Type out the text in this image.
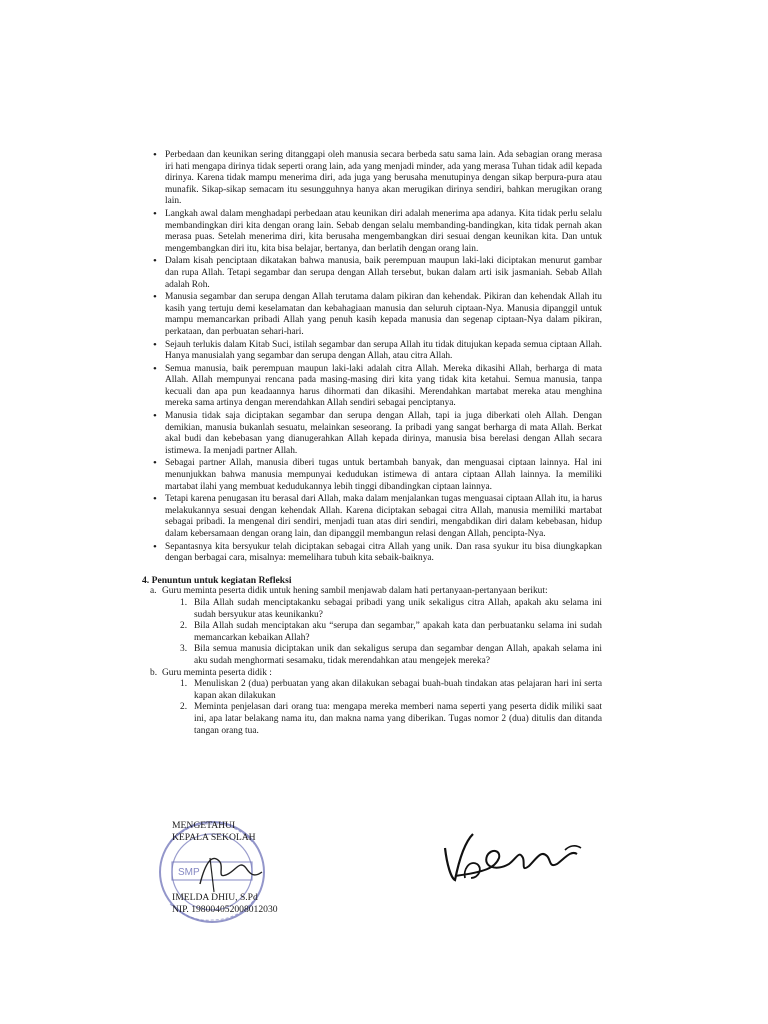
• Perbedaan dan keunikan sering ditanggapi oleh manusia secara berbeda satu sama lain. Ada sebagian orang merasa iri hati mengapa dirinya tidak seperti orang lain, ada yang menjadi minder, ada yang merasa Tuhan tidak adil kepada dirinya. Karena tidak mampu menerima diri, ada juga yang berusaha menutupinya dengan sikap berpura-pura atau munafik. Sikap-sikap semacam itu sesungguhnya hanya akan merugikan dirinya sendiri, bahkan merugikan orang lain.
• Langkah awal dalam menghadapi perbedaan atau keunikan diri adalah menerima apa adanya. Kita tidak perlu selalu membandingkan diri kita dengan orang lain. Sebab dengan selalu membanding-bandingkan, kita tidak pernah akan merasa puas. Setelah menerima diri, kita berusaha mengembangkan diri sesuai dengan keunikan kita. Dan untuk mengembangkan diri itu, kita bisa belajar, bertanya, dan berlatih dengan orang lain.
• Dalam kisah penciptaan dikatakan bahwa manusia, baik perempuan maupun laki-laki diciptakan menurut gambar dan rupa Allah. Tetapi segambar dan serupa dengan Allah tersebut, bukan dalam arti isik jasmaniah. Sebab Allah adalah Roh.
• Manusia segambar dan serupa dengan Allah terutama dalam pikiran dan kehendak. Pikiran dan kehendak Allah itu kasih yang tertuju demi keselamatan dan kebahagiaan manusia dan seluruh ciptaan-Nya. Manusia dipanggil untuk mampu memancarkan pribadi Allah yang penuh kasih kepada manusia dan segenap ciptaan-Nya dalam pikiran, perkataan, dan perbuatan sehari-hari.
• Sejauh terlukis dalam Kitab Suci, istilah segambar dan serupa Allah itu tidak ditujukan kepada semua ciptaan Allah. Hanya manusialah yang segambar dan serupa dengan Allah, atau citra Allah.
• Semua manusia, baik perempuan maupun laki-laki adalah citra Allah. Mereka dikasihi Allah, berharga di mata Allah. Allah mempunyai rencana pada masing-masing diri kita yang tidak kita ketahui. Semua manusia, tanpa kecuali dan apa pun keadaannya harus dihormati dan dikasihi. Merendahkan martabat mereka atau menghina mereka sama artinya dengan merendahkan Allah sendiri sebagai penciptanya.
• Manusia tidak saja diciptakan segambar dan serupa dengan Allah, tapi ia juga diberkati oleh Allah. Dengan demikian, manusia bukanlah sesuatu, melainkan seseorang. Ia pribadi yang sangat berharga di mata Allah. Berkat akal budi dan kebebasan yang dianugerahkan Allah kepada dirinya, manusia bisa berelasi dengan Allah secara istimewa. Ia menjadi partner Allah.
• Sebagai partner Allah, manusia diberi tugas untuk bertambah banyak, dan menguasai ciptaan lainnya. Hal ini menunjukkan bahwa manusia mempunyai kedudukan istimewa di antara ciptaan Allah lainnya. Ia memiliki martabat ilahi yang membuat kedudukannya lebih tinggi dibandingkan ciptaan lainnya.
• Tetapi karena penugasan itu berasal dari Allah, maka dalam menjalankan tugas menguasai ciptaan Allah itu, ia harus melakukannya sesuai dengan kehendak Allah. Karena diciptakan sebagai citra Allah, manusia memiliki martabat sebagai pribadi. Ia mengenal diri sendiri, menjadi tuan atas diri sendiri, mengabdikan diri dalam kebebasan, hidup dalam kebersamaan dengan orang lain, dan dipanggil membangun relasi dengan Allah, pencipta-Nya.
• Sepantasnya kita bersyukur telah diciptakan sebagai citra Allah yang unik. Dan rasa syukur itu bisa diungkapkan dengan berbagai cara, misalnya: memelihara tubuh kita sebaik-baiknya.
4. Penuntun untuk kegiatan Refleksi
a. Guru meminta peserta didik untuk hening sambil menjawab dalam hati pertanyaan-pertanyaan berikut:
1. Bila Allah sudah menciptakanku sebagai pribadi yang unik sekaligus citra Allah, apakah aku selama ini sudah bersyukur atas keunikanku?
2. Bila Allah sudah menciptakan aku “serupa dan segambar,” apakah kata dan perbuatanku selama ini sudah memancarkan kebaikan Allah?
3. Bila semua manusia diciptakan unik dan sekaligus serupa dan segambar dengan Allah, apakah selama ini aku sudah menghormati sesamaku, tidak merendahkan atau mengejek mereka?
b. Guru meminta peserta didik :
1. Menuliskan 2 (dua) perbuatan yang akan dilakukan sebagai buah-buah tindakan atas pelajaran hari ini serta kapan akan dilakukan
2. Meminta penjelasan dari orang tua: mengapa mereka memberi nama seperti yang peserta didik miliki saat ini, apa latar belakang nama itu, dan makna nama yang diberikan. Tugas nomor 2 (dua) ditulis dan ditanda tangan orang tua.
SMP
MENGETAHUI
KEPALA SEKOLAH
IMELDA DHIU, S.Pd
NIP. 198004052008012030
